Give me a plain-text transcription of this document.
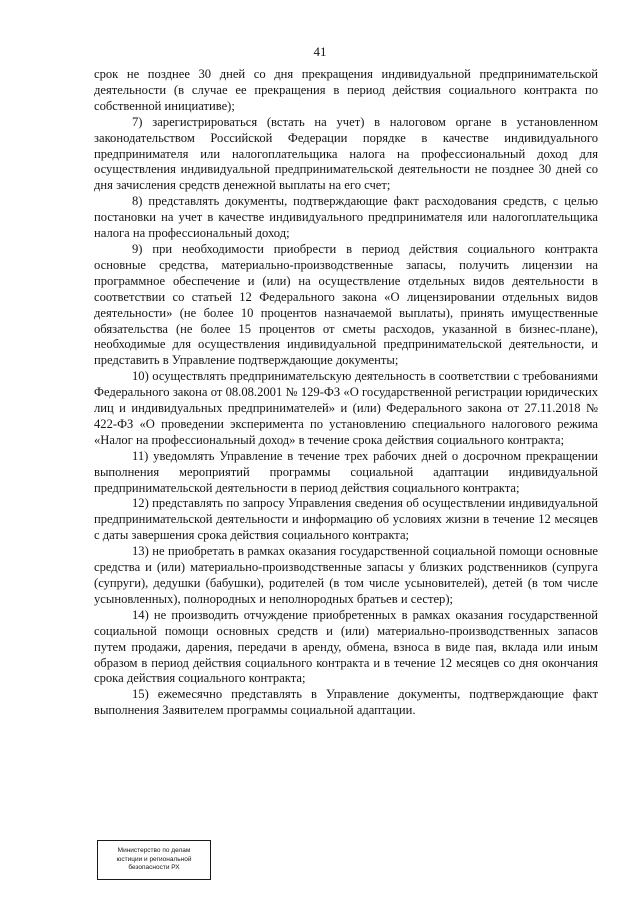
41

срок не позднее 30 дней со дня прекращения индивидуальной предпринимательской деятельности (в случае ее прекращения в период действия социального контракта по собственной инициативе);

7) зарегистрироваться (встать на учет) в налоговом органе в установленном законодательством Российской Федерации порядке в качестве индивидуального предпринимателя или налогоплательщика налога на профессиональный доход для осуществления индивидуальной предпринимательской деятельности не позднее 30 дней со дня зачисления средств денежной выплаты на его счет;

8) представлять документы, подтверждающие факт расходования средств, с целью постановки на учет в качестве индивидуального предпринимателя или налогоплательщика налога на профессиональный доход;

9) при необходимости приобрести в период действия социального контракта основные средства, материально-производственные запасы, получить лицензии на программное обеспечение и (или) на осуществление отдельных видов деятельности в соответствии со статьей 12 Федерального закона «О лицензировании отдельных видов деятельности» (не более 10 процентов назначаемой выплаты), принять имущественные обязательства (не более 15 процентов от сметы расходов, указанной в бизнес-плане), необходимые для осуществления индивидуальной предпринимательской деятельности, и представить в Управление подтверждающие документы;

10) осуществлять предпринимательскую деятельность в соответствии с требованиями Федерального закона от 08.08.2001 № 129-ФЗ «О государственной регистрации юридических лиц и индивидуальных предпринимателей» и (или) Федерального закона от 27.11.2018 № 422-ФЗ «О проведении эксперимента по установлению специального налогового режима «Налог на профессиональный доход» в течение срока действия социального контракта;

11) уведомлять Управление в течение трех рабочих дней о досрочном прекращении выполнения мероприятий программы социальной адаптации индивидуальной предпринимательской деятельности в период действия социального контракта;

12) представлять по запросу Управления сведения об осуществлении индивидуальной предпринимательской деятельности и информацию об условиях жизни в течение 12 месяцев с даты завершения срока действия социального контракта;

13) не приобретать в рамках оказания государственной социальной помощи основные средства и (или) материально-производственные запасы у близких родственников (супруга (супруги), дедушки (бабушки), родителей (в том числе усыновителей), детей (в том числе усыновленных), полнородных и неполнородных братьев и сестер);

14) не производить отчуждение приобретенных в рамках оказания государственной социальной помощи основных средств и (или) материально-производственных запасов путем продажи, дарения, передачи в аренду, обмена, взноса в виде пая, вклада или иным образом в период действия социального контракта и в течение 12 месяцев со дня окончания срока действия социального контракта;

15) ежемесячно представлять в Управление документы, подтверждающие факт выполнения Заявителем программы социальной адаптации.

Министерство по делам
юстиции и региональной
безопасности РХ
